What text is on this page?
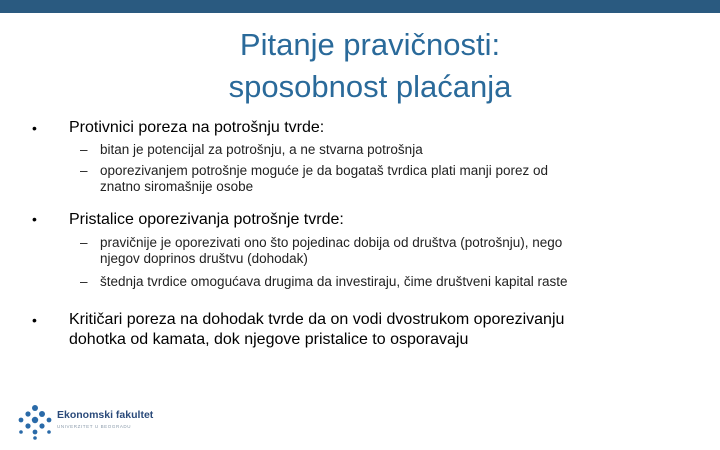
Pitanje pravičnosti:
sposobnost plaćanja
• Protivnici poreza na potrošnju tvrde:
– bitan je potencijal za potrošnju, a ne stvarna potrošnja
– oporezivanjem potrošnje moguće je da bogataš tvrdica plati manji porez od
znatno siromašnije osobe
• Pristalice oporezivanja potrošnje tvrde:
– pravičnije je oporezivati ono što pojedinac dobija od društva (potrošnju), nego
njegov doprinos društvu (dohodak)
– štednja tvrdice omogućava drugima da investiraju, čime društveni kapital raste
• Kritičari poreza na dohodak tvrde da on vodi dvostrukom oporezivanju
dohotka od kamata, dok njegove pristalice to osporavaju
Ekonomski fakultet
UNIVERZITET U BEOGRADU
